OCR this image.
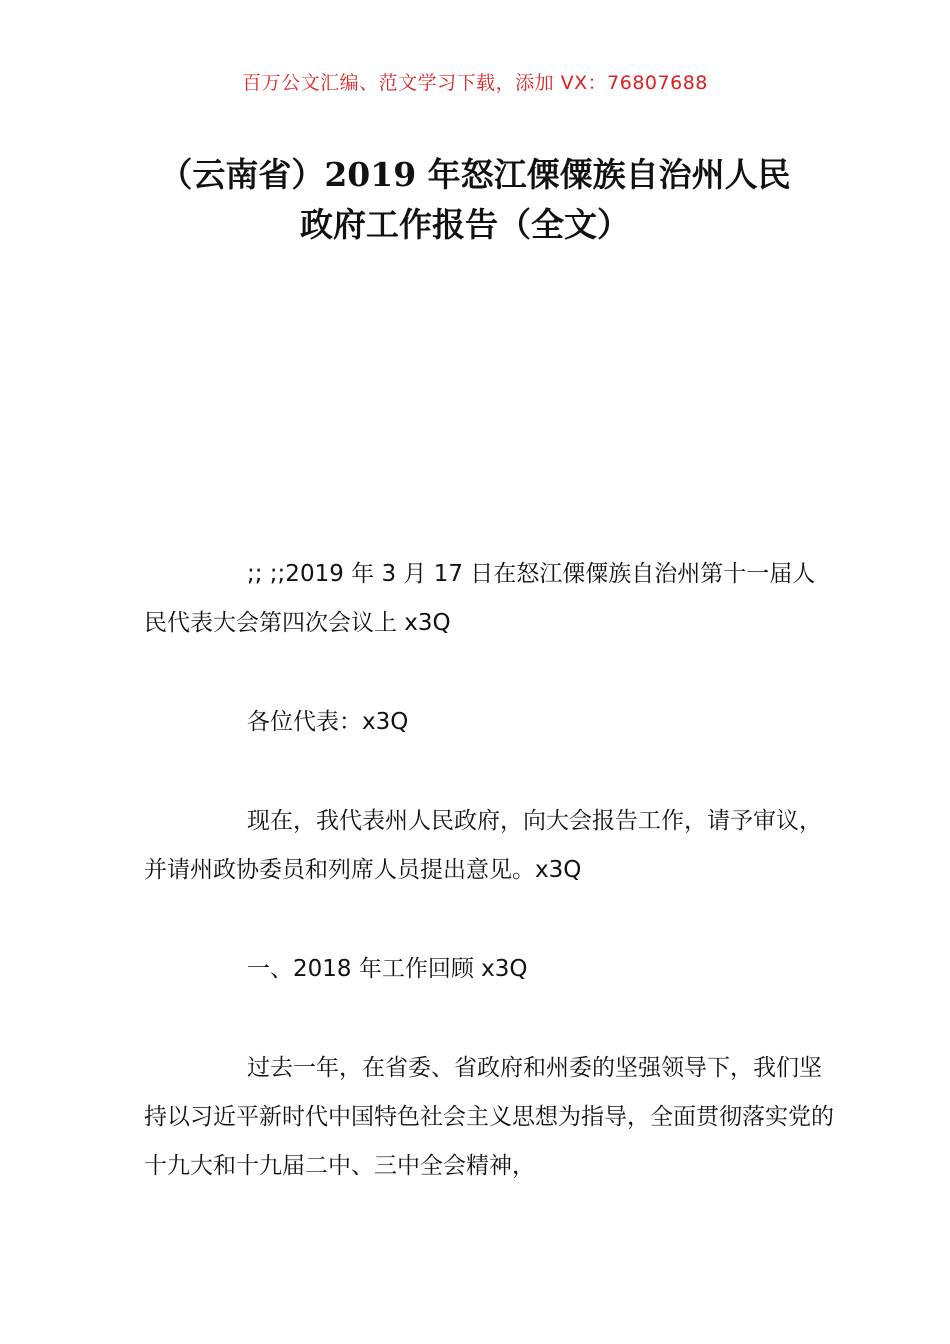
百万公文汇编、范文学习下载，添加 VX：76807688
（云南省）2019 年怒江傈僳族自治州人民
政府工作报告（全文）

;; ;;2019 年 3 月 17 日在怒江傈僳族自治州第十一届人民代表大会第四次会议上 x3Q

各位代表：x3Q

现在，我代表州人民政府，向大会报告工作，请予审议，并请州政协委员和列席人员提出意见。x3Q

一、2018 年工作回顾 x3Q

过去一年，在省委、省政府和州委的坚强领导下，我们坚持以习近平新时代中国特色社会主义思想为指导，全面贯彻落实党的十九大和十九届二中、三中全会精神，
